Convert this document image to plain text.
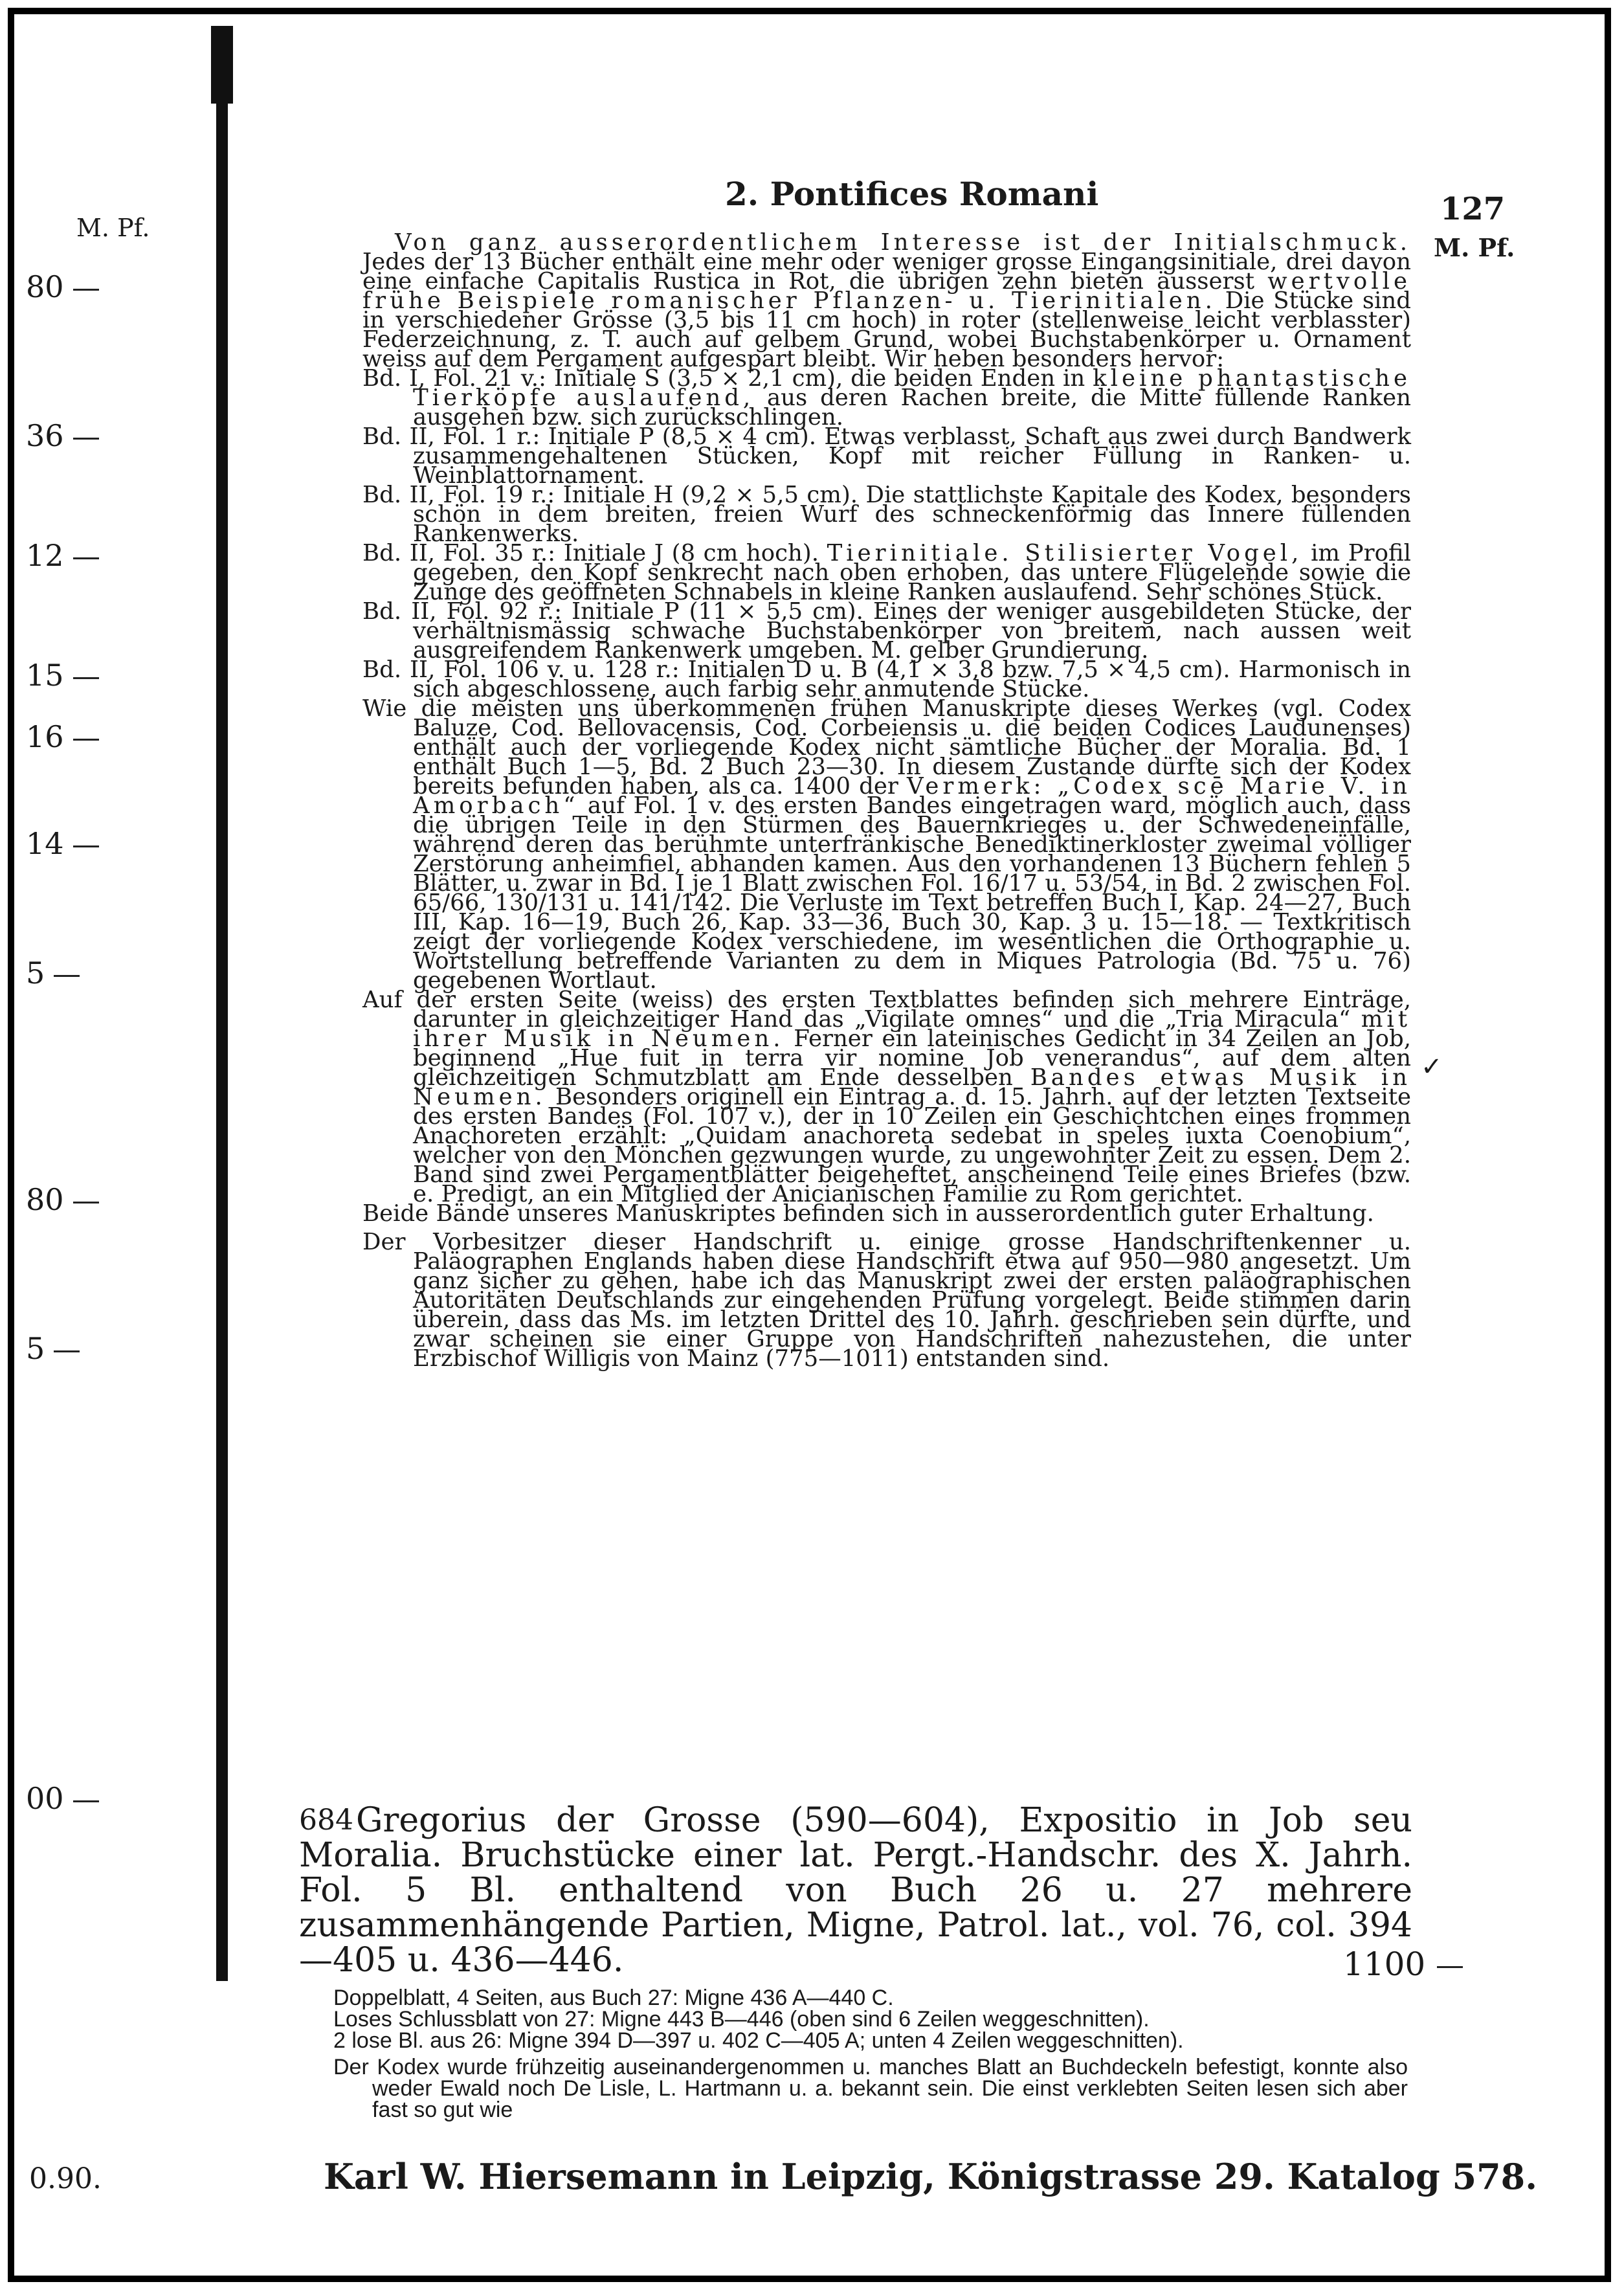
M. Pf.
2. Pontifices Romani	127
M. Pf.
80
36
12
15
16
14
5
80
5
00
✓

Von ganz ausserordentlichem Interesse ist der Initialschmuck. Jedes der 13 Bücher enthält eine mehr oder weniger grosse Eingangsinitiale, drei davon eine einfache Capitalis Rustica in Rot, die übrigen zehn bieten äusserst wertvolle frühe Beispiele romanischer Pflanzen- u. Tierinitialen. Die Stücke sind in verschiedener Grösse (3,5 bis 11 cm hoch) in roter (stellenweise leicht verblasster) Federzeichnung, z. T. auch auf gelbem Grund, wobei Buchstabenkörper u. Ornament weiss auf dem Pergament aufgespart bleibt. Wir heben besonders hervor:

Bd. I, Fol. 21 v.: Initiale S (3,5 × 2,1 cm), die beiden Enden in kleine phantastische Tierköpfe auslaufend, aus deren Rachen breite, die Mitte füllende Ranken ausgehen bzw. sich zurückschlingen.

Bd. II, Fol. 1 r.: Initiale P (8,5 × 4 cm). Etwas verblasst, Schaft aus zwei durch Bandwerk zusammengehaltenen Stücken, Kopf mit reicher Füllung in Ranken- u. Weinblattornament.

Bd. II, Fol. 19 r.: Initiale H (9,2 × 5,5 cm). Die stattlichste Kapitale des Kodex, besonders schön in dem breiten, freien Wurf des schneckenförmig das Innere füllenden Rankenwerks.

Bd. II, Fol. 35 r.: Initiale J (8 cm hoch). Tierinitiale. Stilisierter Vogel, im Profil gegeben, den Kopf senkrecht nach oben erhoben, das untere Flügelende sowie die Zunge des geöffneten Schnabels in kleine Ranken auslaufend. Sehr schönes Stück.

Bd. II, Fol. 92 r.: Initiale P (11 × 5,5 cm). Eines der weniger ausgebildeten Stücke, der verhältnismässig schwache Buchstabenkörper von breitem, nach aussen weit ausgreifendem Rankenwerk umgeben. M. gelber Grundierung.

Bd. II, Fol. 106 v. u. 128 r.: Initialen D u. B (4,1 × 3,8 bzw. 7,5 × 4,5 cm). Harmonisch in sich abgeschlossene, auch farbig sehr anmutende Stücke.

Wie die meisten uns überkommenen frühen Manuskripte dieses Werkes (vgl. Codex Baluze, Cod. Bellovacensis, Cod. Corbeiensis u. die beiden Codices Laudunenses) enthält auch der vorliegende Kodex nicht sämtliche Bücher der Moralia. Bd. 1 enthält Buch 1—5, Bd. 2 Buch 23—30. In diesem Zustande dürfte sich der Kodex bereits befunden haben, als ca. 1400 der Vermerk: „Codex scē Marie V. in Amorbach“ auf Fol. 1 v. des ersten Bandes eingetragen ward, möglich auch, dass die übrigen Teile in den Stürmen des Bauernkrieges u. der Schwedeneinfälle, während deren das berühmte unterfränkische Benediktinerkloster zweimal völliger Zerstörung anheimfiel, abhanden kamen. Aus den vorhandenen 13 Büchern fehlen 5 Blätter, u. zwar in Bd. I je 1 Blatt zwischen Fol. 16/17 u. 53/54, in Bd. 2 zwischen Fol. 65/66, 130/131 u. 141/142. Die Verluste im Text betreffen Buch I, Kap. 24—27, Buch III, Kap. 16—19, Buch 26, Kap. 33—36, Buch 30, Kap. 3 u. 15—18. — Textkritisch zeigt der vorliegende Kodex verschiedene, im wesentlichen die Orthographie u. Wortstellung betreffende Varianten zu dem in Miques Patrologia (Bd. 75 u. 76) gegebenen Wortlaut.

Auf der ersten Seite (weiss) des ersten Textblattes befinden sich mehrere Einträge, darunter in gleichzeitiger Hand das „Vigilate omnes“ und die „Tria Miracula“ mit ihrer Musik in Neumen. Ferner ein lateinisches Gedicht in 34 Zeilen an Job, beginnend „Hue fuit in terra vir nomine Job venerandus“, auf dem alten gleichzeitigen Schmutzblatt am Ende desselben Bandes etwas Musik in Neumen. Besonders originell ein Eintrag a. d. 15. Jahrh. auf der letzten Textseite des ersten Bandes (Fol. 107 v.), der in 10 Zeilen ein Geschichtchen eines frommen Anachoreten erzählt: „Quidam anachoreta sedebat in speles iuxta Coenobium“, welcher von den Mönchen gezwungen wurde, zu ungewohnter Zeit zu essen. Dem 2. Band sind zwei Pergamentblätter beigeheftet, anscheinend Teile eines Briefes (bzw. e. Predigt, an ein Mitglied der Anicianischen Familie zu Rom gerichtet.

Beide Bände unseres Manuskriptes befinden sich in ausserordentlich guter Erhaltung.

Der Vorbesitzer dieser Handschrift u. einige grosse Handschriftenkenner u. Paläographen Englands haben diese Handschrift etwa auf 950—980 angesetzt. Um ganz sicher zu gehen, habe ich das Manuskript zwei der ersten paläographischen Autoritäten Deutschlands zur eingehenden Prüfung vorgelegt. Beide stimmen darin überein, dass das Ms. im letzten Drittel des 10. Jahrh. geschrieben sein dürfte, und zwar scheinen sie einer Gruppe von Handschriften nahezustehen, die unter Erzbischof Willigis von Mainz (775—1011) entstanden sind.

684 Gregorius der Grosse (590—604), Expositio in Job seu Moralia. Bruchstücke einer lat. Pergt.-Handschr. des X. Jahrh. Fol. 5 Bl. enthaltend von Buch 26 u. 27 mehrere zusammenhängende Partien, Migne, Patrol. lat., vol. 76, col. 394—405 u. 436—446.	1100

Doppelblatt, 4 Seiten, aus Buch 27: Migne 436 A—440 C.

Loses Schlussblatt von 27: Migne 443 B—446 (oben sind 6 Zeilen weggeschnitten).

2 lose Bl. aus 26: Migne 394 D—397 u. 402 C—405 A; unten 4 Zeilen weggeschnitten).

Der Kodex wurde frühzeitig auseinandergenommen u. manches Blatt an Buchdeckeln befestigt, konnte also weder Ewald noch De Lisle, L. Hartmann u. a. bekannt sein. Die einst verklebten Seiten lesen sich aber fast so gut wie

0.90.	Karl W. Hiersemann in Leipzig, Königstrasse 29. Katalog 578.
